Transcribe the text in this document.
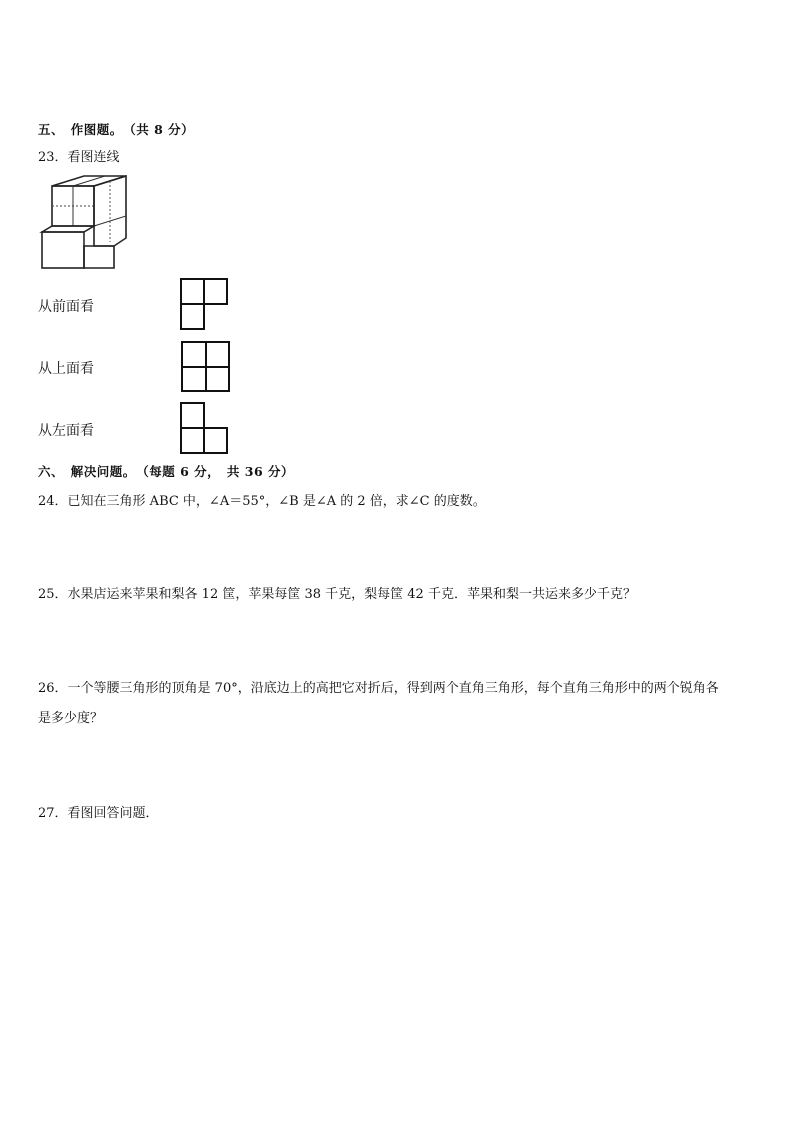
五、　作图题。　（共 8 分）
23．看图连线
从前面看
从上面看
从左面看
六、　解决问题。　（每题 6 分，　共 36 分）
24．已知在三角形 ABC 中，∠A＝55°，∠B 是∠A 的 2 倍，求∠C 的度数。
25．水果店运来苹果和梨各 12 筐，苹果每筐 38 千克，梨每筐 42 千克．苹果和梨一共运来多少千克？
26．一个等腰三角形的顶角是 70°，沿底边上的高把它对折后，得到两个直角三角形，每个直角三角形中的两个锐角各
是多少度？
27．看图回答问题．
